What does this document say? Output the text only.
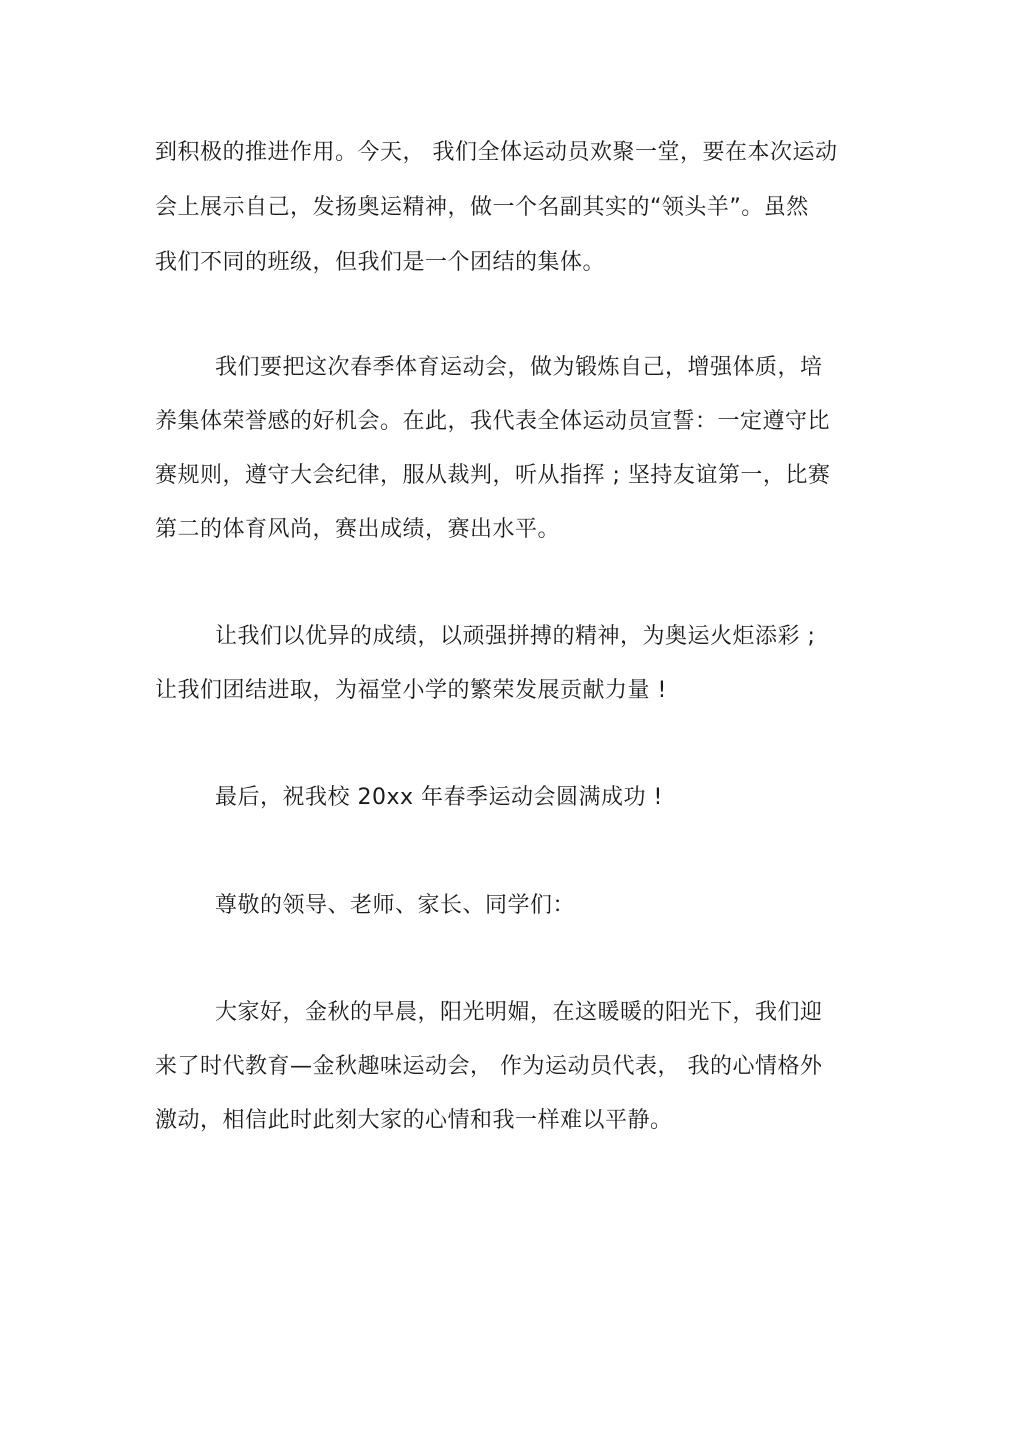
到积极的推进作用。今天， 我们全体运动员欢聚一堂，要在本次运动
会上展示自己，发扬奥运精神，做一个名副其实的“领头羊”。虽然
我们不同的班级，但我们是一个团结的集体。
我们要把这次春季体育运动会，做为锻炼自己，增强体质，培
养集体荣誉感的好机会。在此，我代表全体运动员宣誓：一定遵守比
赛规则，遵守大会纪律，服从裁判，听从指挥 ; 坚持友谊第一，比赛
第二的体育风尚，赛出成绩，赛出水平。
让我们以优异的成绩，以顽强拼搏的精神，为奥运火炬添彩 ;
让我们团结进取，为福堂小学的繁荣发展贡献力量 !
最后，祝我校 20xx 年春季运动会圆满成功 !
尊敬的领导、老师、家长、同学们：
大家好，金秋的早晨，阳光明媚，在这暖暖的阳光下，我们迎
来了时代教育—金秋趣味运动会， 作为运动员代表， 我的心情格外
激动，相信此时此刻大家的心情和我一样难以平静。
